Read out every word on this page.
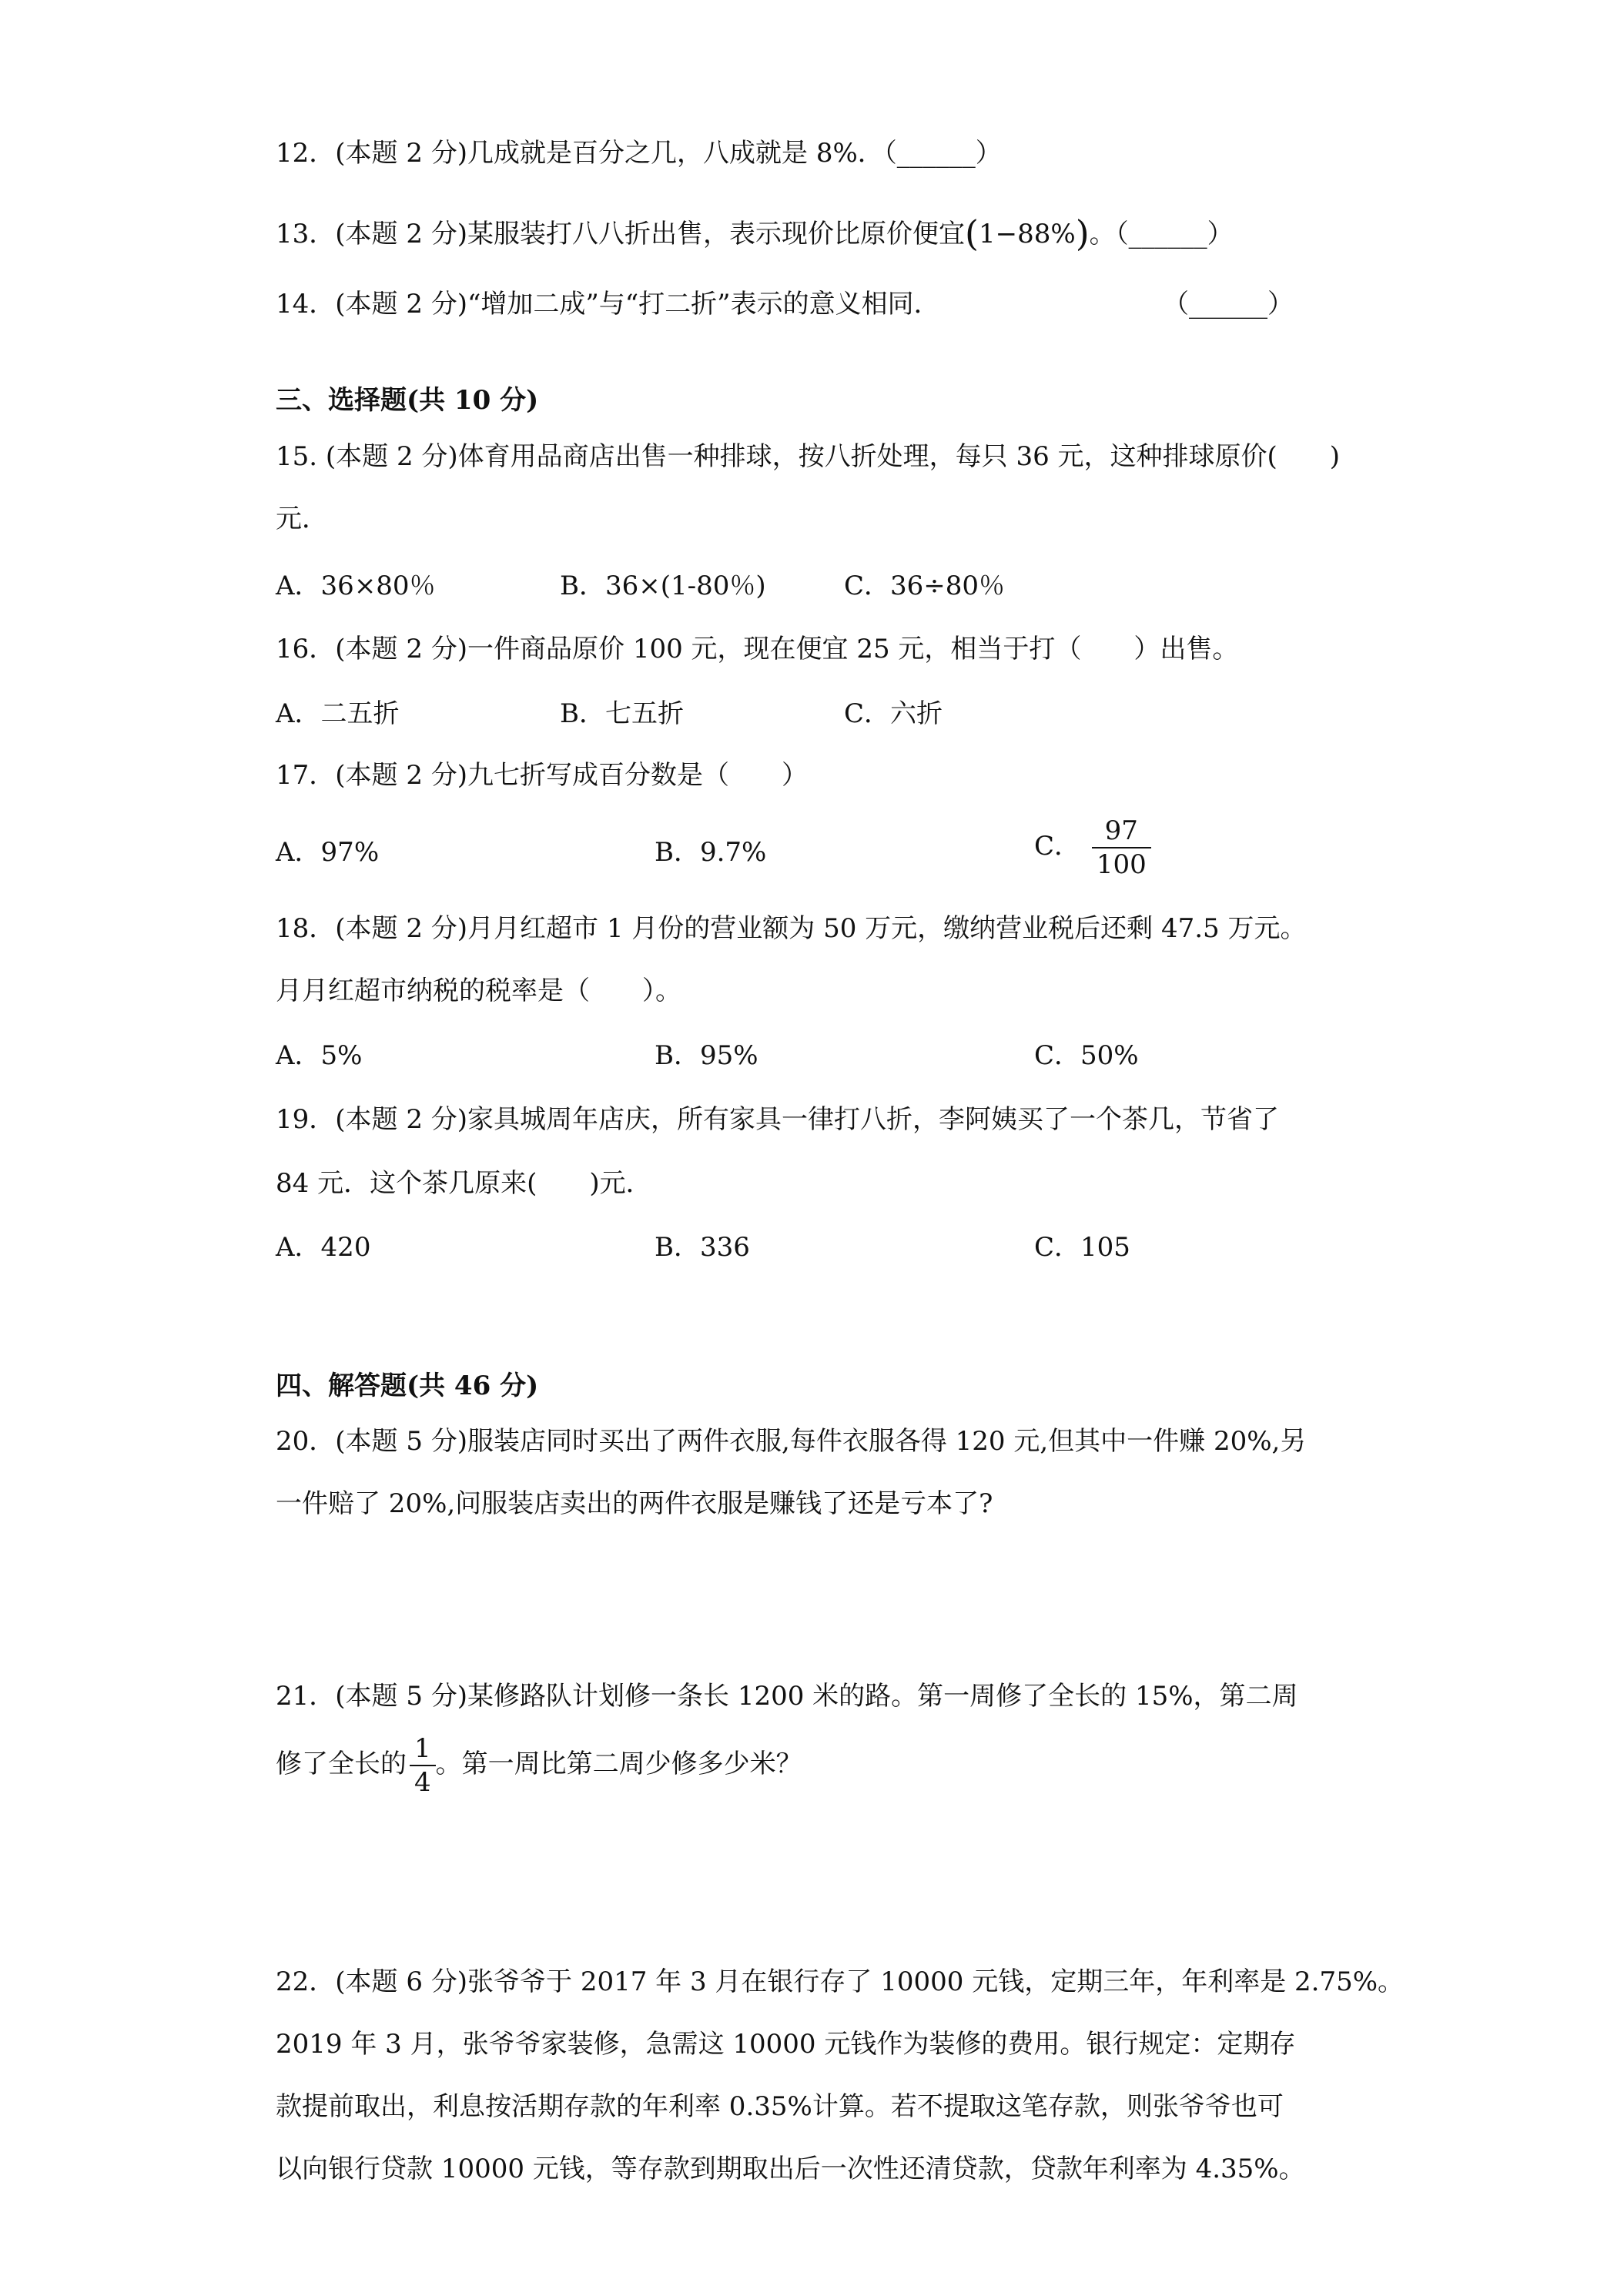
12．(本题 2 分)几成就是百分之几，八成就是 8%．（______）
13．(本题 2 分)某服装打八八折出售，表示现价比原价便宜(1−88%)。（______）
14．(本题 2 分)“增加二成”与“打二折”表示的意义相同．	（______）
三、选择题(共 10 分)
15. (本题 2 分)体育用品商店出售一种排球，按八折处理，每只 36 元，这种排球原价(　　)
元．
A．36×80％	B．36×(1-80％)	C．36÷80％
16．(本题 2 分)一件商品原价 100 元，现在便宜 25 元，相当于打（　　）出售。
A．二五折	B．七五折	C．六折
17．(本题 2 分)九七折写成百分数是（　　）
A．97%	B．9.7%	C． $\frac{97}{100}$
18．(本题 2 分)月月红超市 1 月份的营业额为 50 万元，缴纳营业税后还剩 47.5 万元。
月月红超市纳税的税率是（　　）。
A．5%	B．95%	C．50%
19．(本题 2 分)家具城周年店庆，所有家具一律打八折，李阿姨买了一个茶几，节省了
84 元．这个茶几原来(　　)元．
A．420	B．336	C．105
四、解答题(共 46 分)
20．(本题 5 分)服装店同时买出了两件衣服,每件衣服各得 120 元,但其中一件赚 20%,另
一件赔了 20%,问服装店卖出的两件衣服是赚钱了还是亏本了?
21．(本题 5 分)某修路队计划修一条长 1200 米的路。第一周修了全长的 15%，第二周
修了全长的 $\frac{1}{4}$ 。第一周比第二周少修多少米？
22．(本题 6 分)张爷爷于 2017 年 3 月在银行存了 10000 元钱，定期三年，年利率是 2.75%。
2019 年 3 月，张爷爷家装修，急需这 10000 元钱作为装修的费用。银行规定：定期存
款提前取出，利息按活期存款的年利率 0.35%计算。若不提取这笔存款，则张爷爷也可
以向银行贷款 10000 元钱，等存款到期取出后一次性还清贷款，贷款年利率为 4.35%。
